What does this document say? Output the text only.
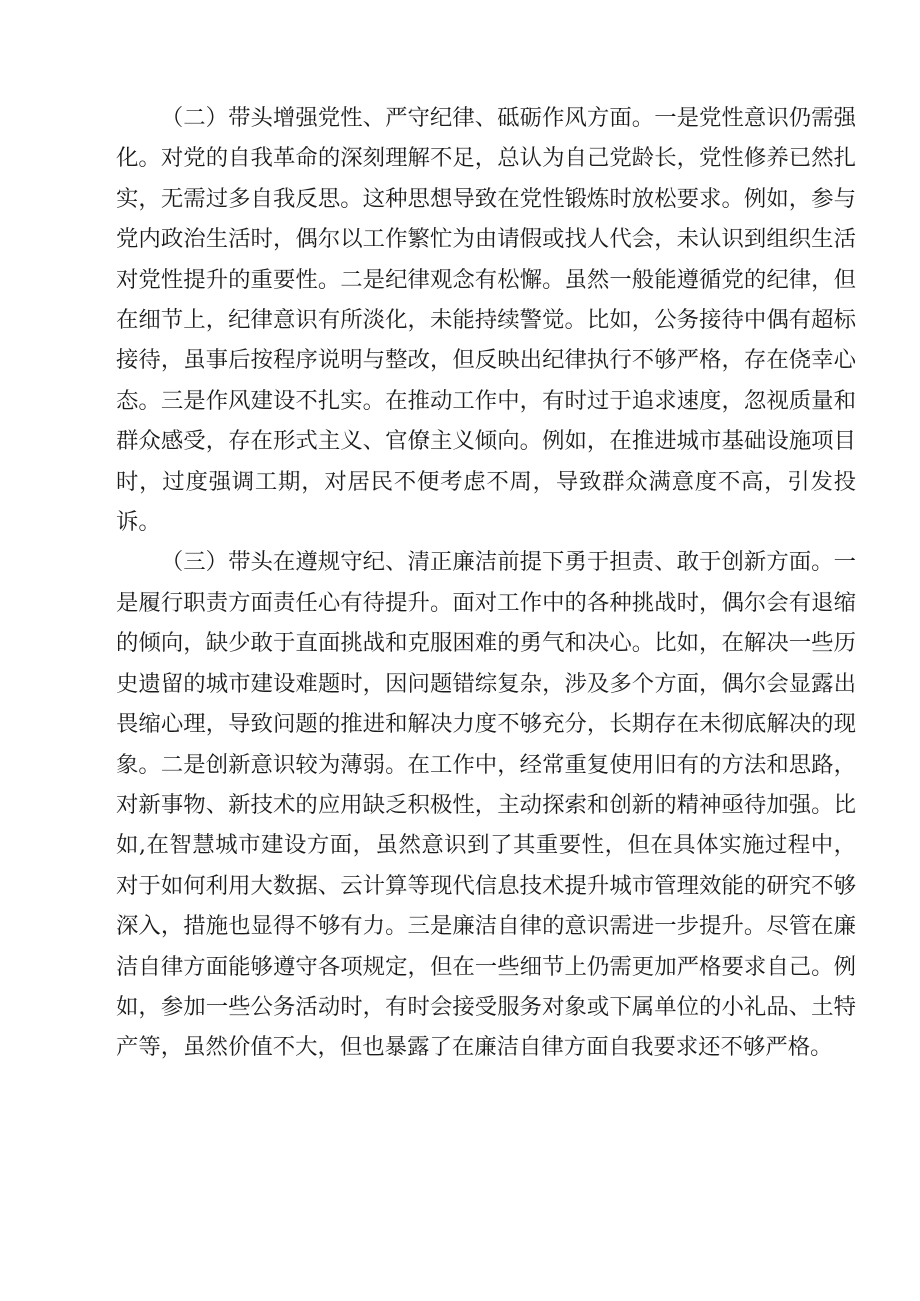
（二）带头增强党性、严守纪律、砥砺作风方面。一是党性意识仍需强化。对党的自我革命的深刻理解不足，总认为自己党龄长，党性修养已然扎实，无需过多自我反思。这种思想导致在党性锻炼时放松要求。例如，参与党内政治生活时，偶尔以工作繁忙为由请假或找人代会，未认识到组织生活对党性提升的重要性。二是纪律观念有松懈。虽然一般能遵循党的纪律，但在细节上，纪律意识有所淡化，未能持续警觉。比如，公务接待中偶有超标接待，虽事后按程序说明与整改，但反映出纪律执行不够严格，存在侥幸心态。三是作风建设不扎实。在推动工作中，有时过于追求速度，忽视质量和群众感受，存在形式主义、官僚主义倾向。例如，在推进城市基础设施项目时，过度强调工期，对居民不便考虑不周，导致群众满意度不高，引发投诉。

（三）带头在遵规守纪、清正廉洁前提下勇于担责、敢于创新方面。一是履行职责方面责任心有待提升。面对工作中的各种挑战时，偶尔会有退缩的倾向，缺少敢于直面挑战和克服困难的勇气和决心。比如，在解决一些历史遗留的城市建设难题时，因问题错综复杂，涉及多个方面，偶尔会显露出畏缩心理，导致问题的推进和解决力度不够充分，长期存在未彻底解决的现象。二是创新意识较为薄弱。在工作中，经常重复使用旧有的方法和思路，对新事物、新技术的应用缺乏积极性，主动探索和创新的精神亟待加强。比如,在智慧城市建设方面，虽然意识到了其重要性，但在具体实施过程中，对于如何利用大数据、云计算等现代信息技术提升城市管理效能的研究不够深入，措施也显得不够有力。三是廉洁自律的意识需进一步提升。尽管在廉洁自律方面能够遵守各项规定，但在一些细节上仍需更加严格要求自己。例如，参加一些公务活动时，有时会接受服务对象或下属单位的小礼品、土特产等，虽然价值不大，但也暴露了在廉洁自律方面自我要求还不够严格。
